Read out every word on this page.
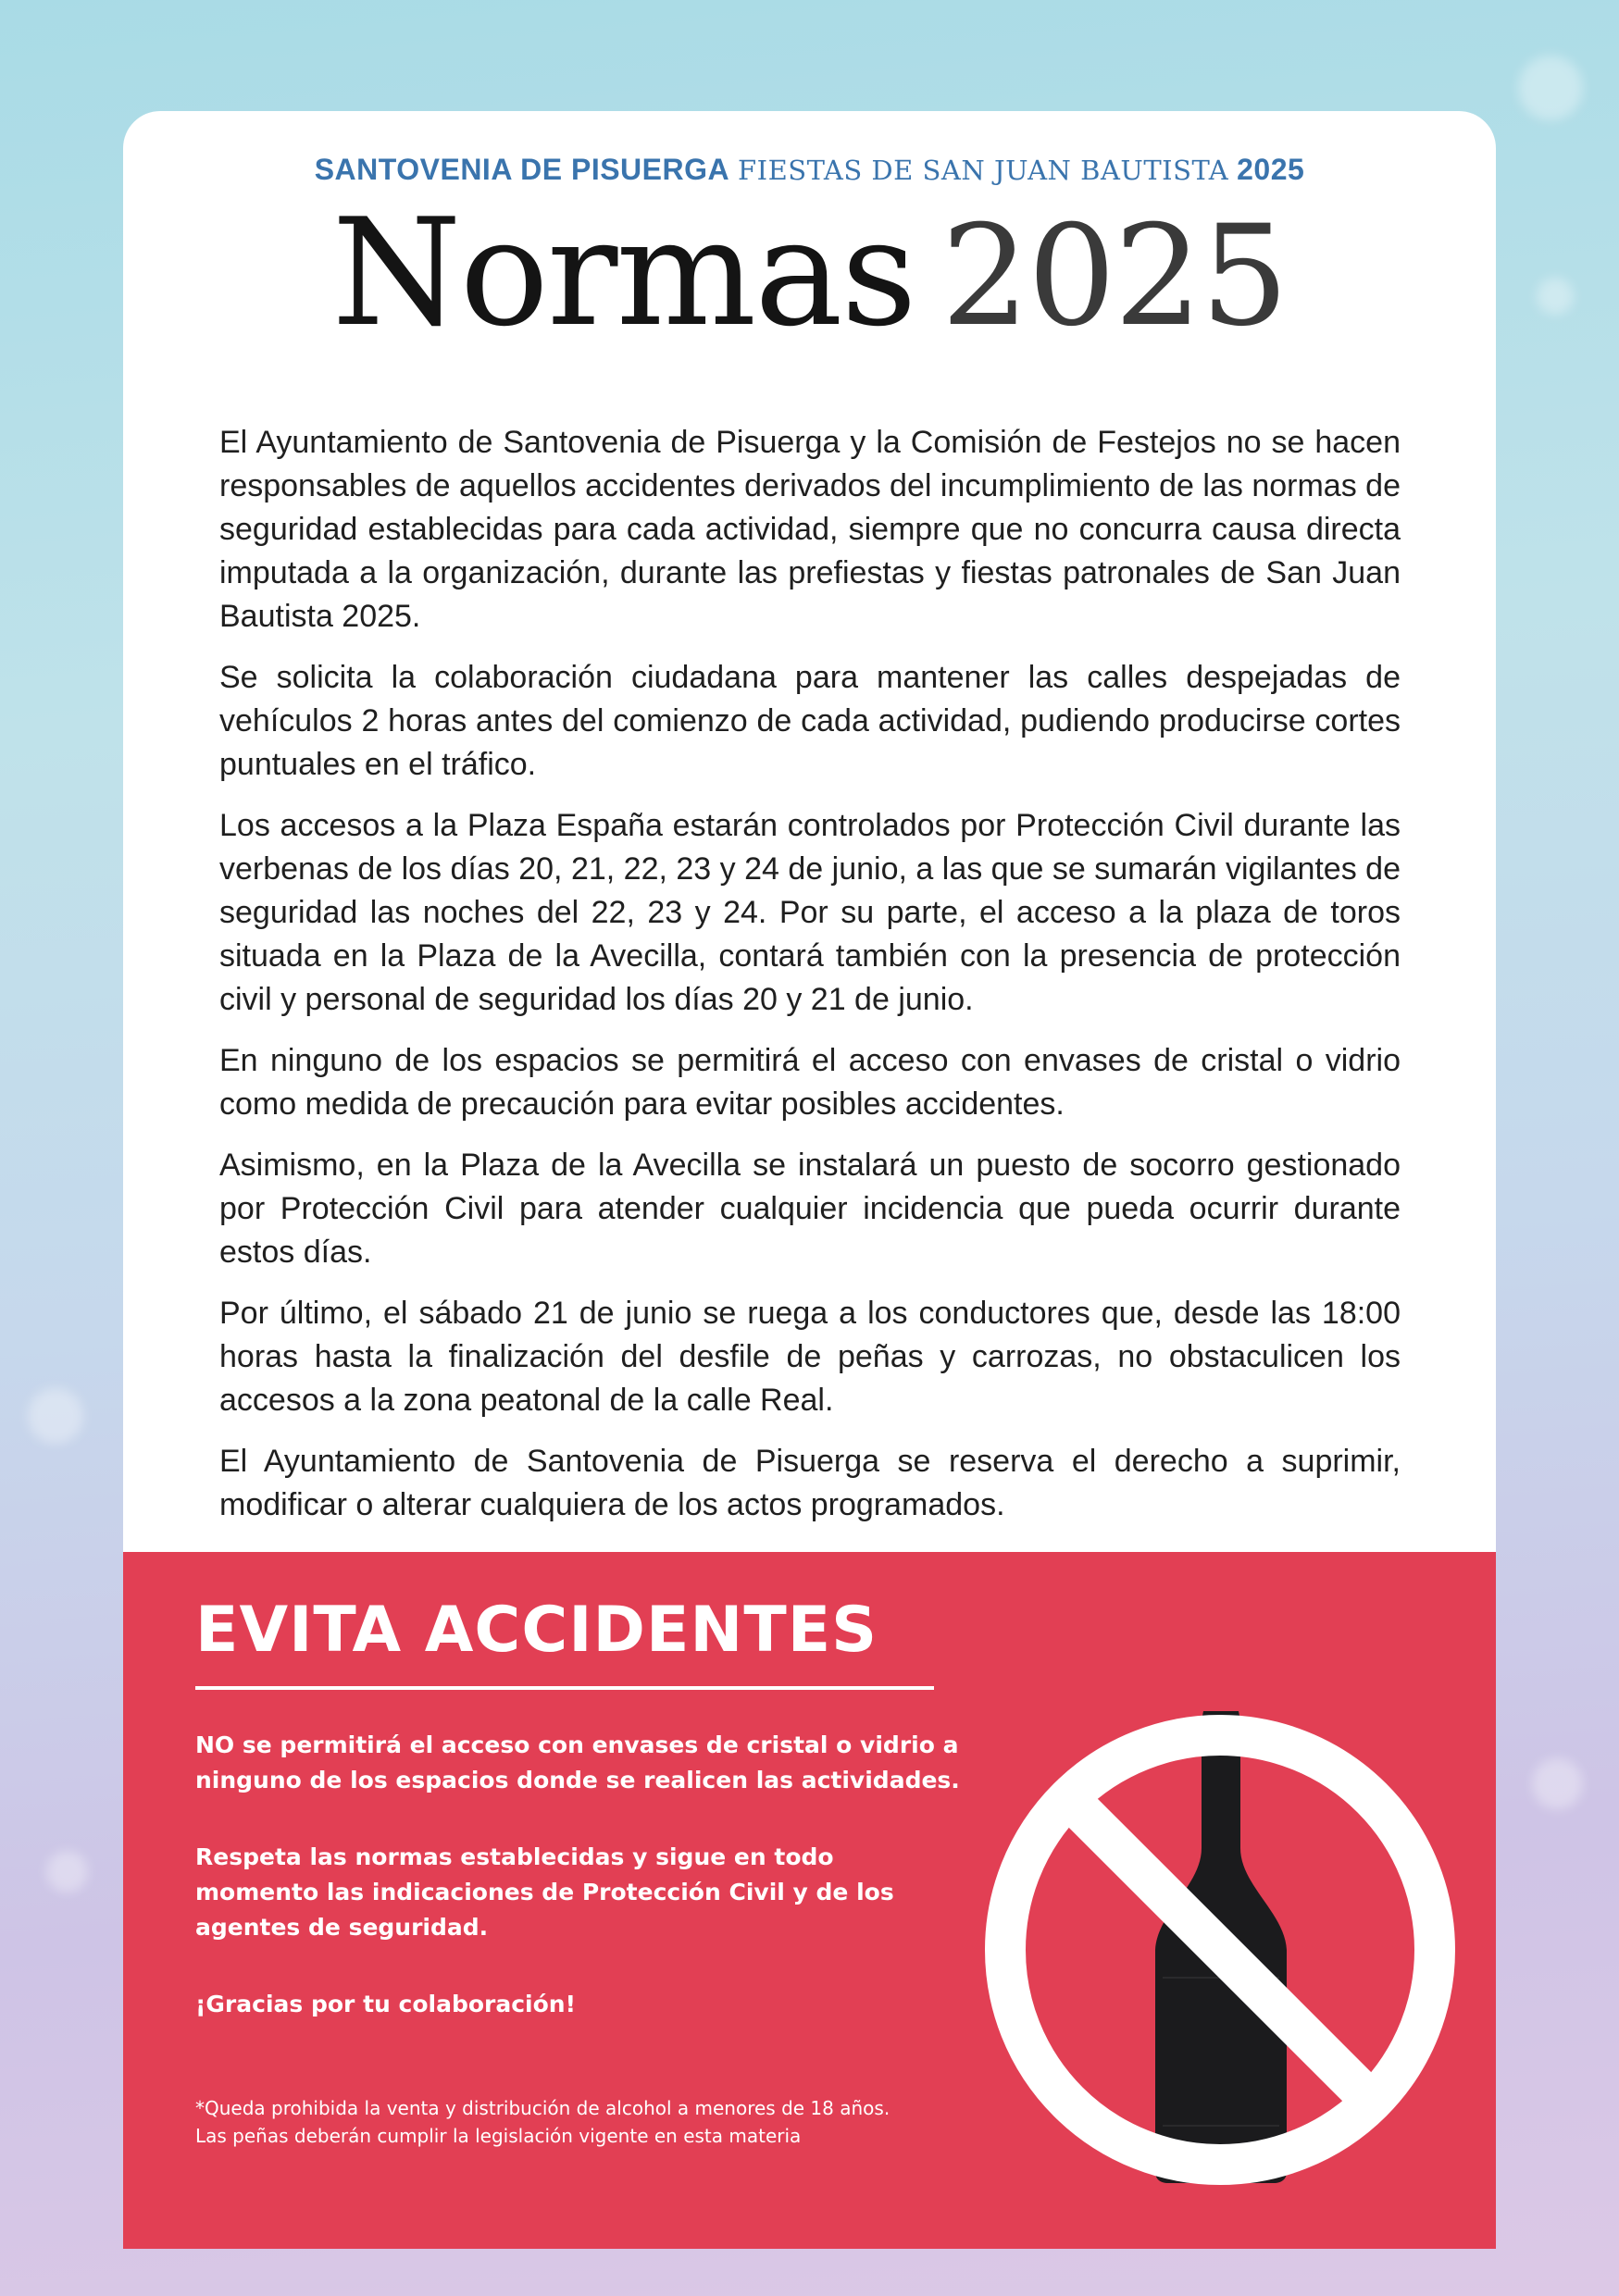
SANTOVENIA DE PISUERGA FIESTAS DE SAN JUAN BAUTISTA 2025
Normas 2025

El Ayuntamiento de Santovenia de Pisuerga y la Comisión de Festejos no se hacen responsables de aquellos accidentes derivados del incumplimiento de las normas de seguridad establecidas para cada actividad, siempre que no concurra causa directa imputada a la organización, durante las prefiestas y fiestas patronales de San Juan Bautista 2025.

Se solicita la colaboración ciudadana para mantener las calles despejadas de vehículos 2 horas antes del comienzo de cada actividad, pudiendo producirse cortes puntuales en el tráfico.

Los accesos a la Plaza España estarán controlados por Protección Civil durante las verbenas de los días 20, 21, 22, 23 y 24 de junio, a las que se sumarán vigilantes de seguridad las noches del 22, 23 y 24. Por su parte, el acceso a la plaza de toros situada en la Plaza de la Avecilla, contará también con la presencia de protección civil y personal de seguridad los días 20 y 21 de junio.

En ninguno de los espacios se permitirá el acceso con envases de cristal o vidrio como medida de precaución para evitar posibles accidentes.

Asimismo, en la Plaza de la Avecilla se instalará un puesto de socorro gestionado por Protección Civil para atender cualquier incidencia que pueda ocurrir durante estos días.

Por último, el sábado 21 de junio se ruega a los conductores que, desde las 18:00 horas hasta la finalización del desfile de peñas y carrozas, no obstaculicen los accesos a la zona peatonal de la calle Real.

El Ayuntamiento de Santovenia de Pisuerga se reserva el derecho a suprimir, modificar o alterar cualquiera de los actos programados.

EVITA ACCIDENTES
NO se permitirá el acceso con envases de cristal o vidrio a ninguno de los espacios donde se realicen las actividades.
Respeta las normas establecidas y sigue en todo momento las indicaciones de Protección Civil y de los agentes de seguridad.
¡Gracias por tu colaboración!
*Queda prohibida la venta y distribución de alcohol a menores de 18 años.
Las peñas deberán cumplir la legislación vigente en esta materia
